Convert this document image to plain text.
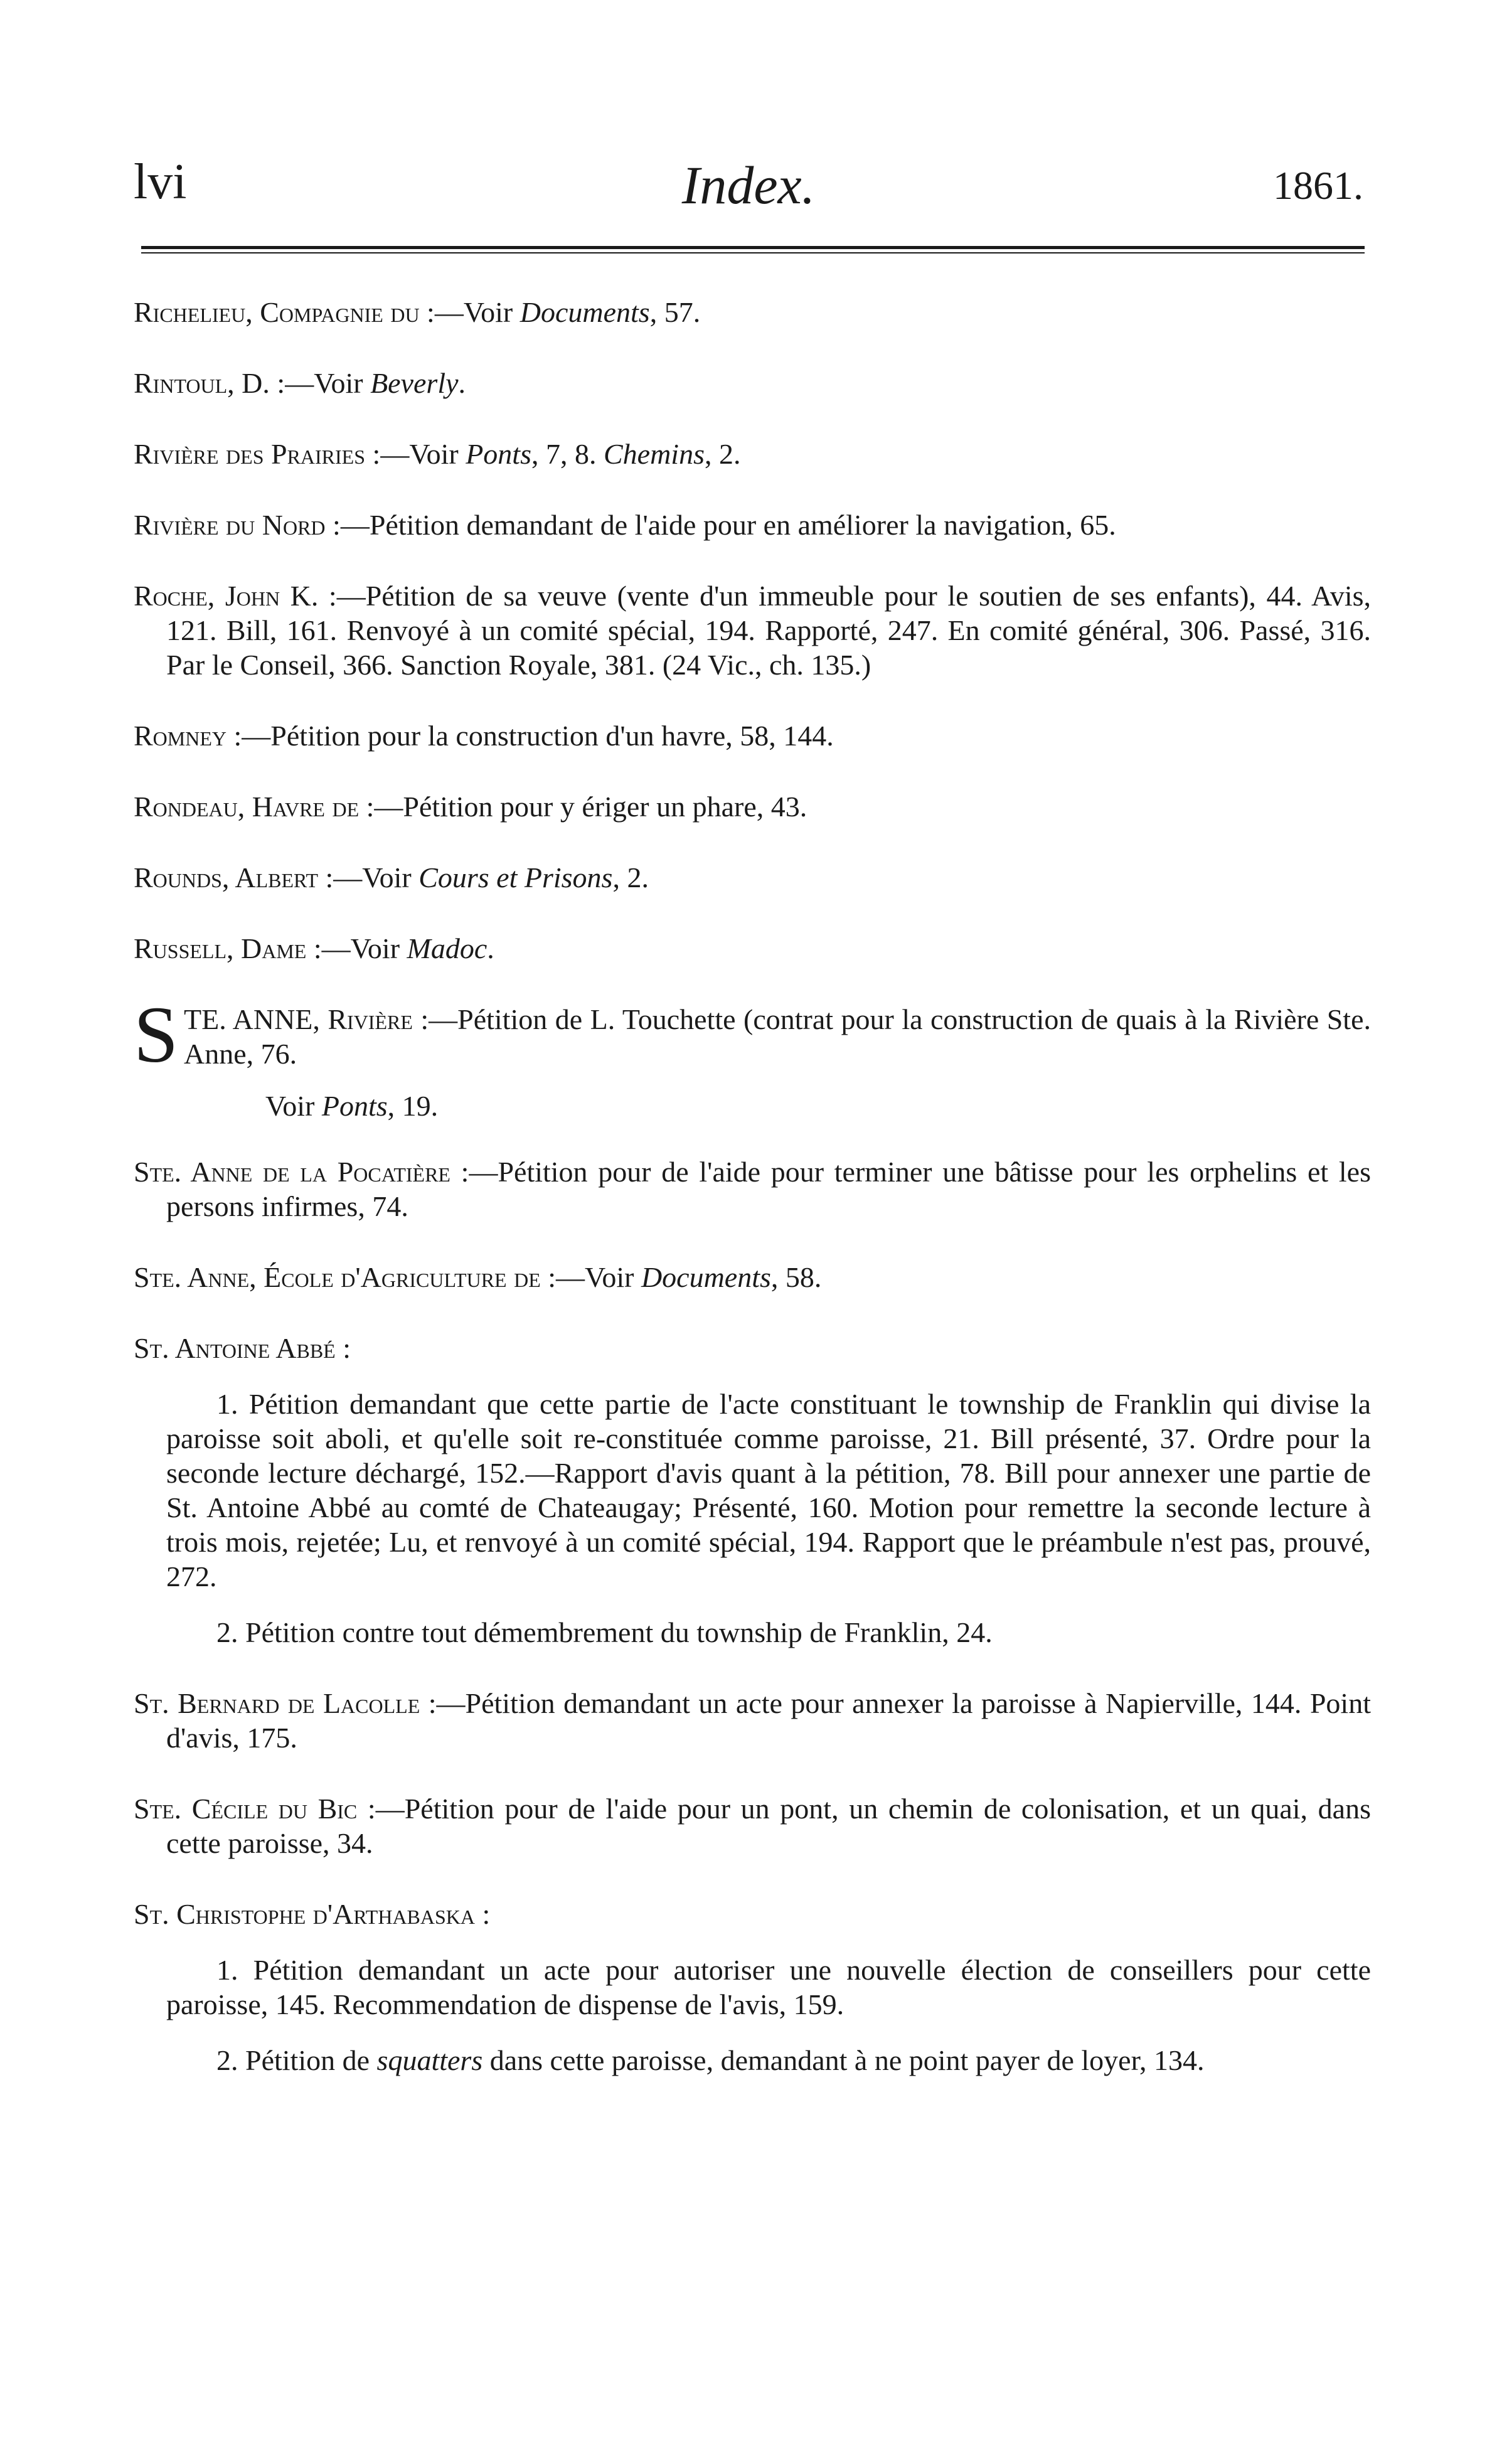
lvi	Index.	1861.

Richelieu, Compagnie du :—Voir Documents, 57.

Rintoul, D. :—Voir Beverly.

Rivière des Prairies :—Voir Ponts, 7, 8. Chemins, 2.

Rivière du Nord :—Pétition demandant de l'aide pour en améliorer la navigation, 65.

Roche, John K. :—Pétition de sa veuve (vente d'un immeuble pour le soutien de ses enfants), 44. Avis, 121. Bill, 161. Renvoyé à un comité spécial, 194. Rapporté, 247. En comité général, 306. Passé, 316. Par le Conseil, 366. Sanction Royale, 381. (24 Vic., ch. 135.)

Romney :—Pétition pour la construction d'un havre, 58, 144.

Rondeau, Havre de :—Pétition pour y ériger un phare, 43.

Rounds, Albert :—Voir Cours et Prisons, 2.

Russell, Dame :—Voir Madoc.

S TE. ANNE, Rivière :—Pétition de L. Touchette (contrat pour la construction de quais à la Rivière Ste. Anne, 76.

Voir Ponts, 19.

Ste. Anne de la Pocatière :—Pétition pour de l'aide pour terminer une bâtisse pour les orphelins et les persons infirmes, 74.

Ste. Anne, École d'Agriculture de :—Voir Documents, 58.

St. Antoine Abbé :

1. Pétition demandant que cette partie de l'acte constituant le township de Franklin qui divise la paroisse soit aboli, et qu'elle soit re-constituée comme paroisse, 21. Bill présenté, 37. Ordre pour la seconde lecture déchargé, 152.—Rapport d'avis quant à la pétition, 78. Bill pour annexer une partie de St. Antoine Abbé au comté de Chateaugay; Présenté, 160. Motion pour remettre la seconde lecture à trois mois, rejetée; Lu, et renvoyé à un comité spécial, 194. Rapport que le préambule n'est pas, prouvé, 272.

2. Pétition contre tout démembrement du township de Franklin, 24.

St. Bernard de Lacolle :—Pétition demandant un acte pour annexer la paroisse à Napierville, 144. Point d'avis, 175.

Ste. Cécile du Bic :—Pétition pour de l'aide pour un pont, un chemin de colonisation, et un quai, dans cette paroisse, 34.

St. Christophe d'Arthabaska :

1. Pétition demandant un acte pour autoriser une nouvelle élection de conseillers pour cette paroisse, 145. Recommendation de dispense de l'avis, 159.

2. Pétition de squatters dans cette paroisse, demandant à ne point payer de loyer, 134.
